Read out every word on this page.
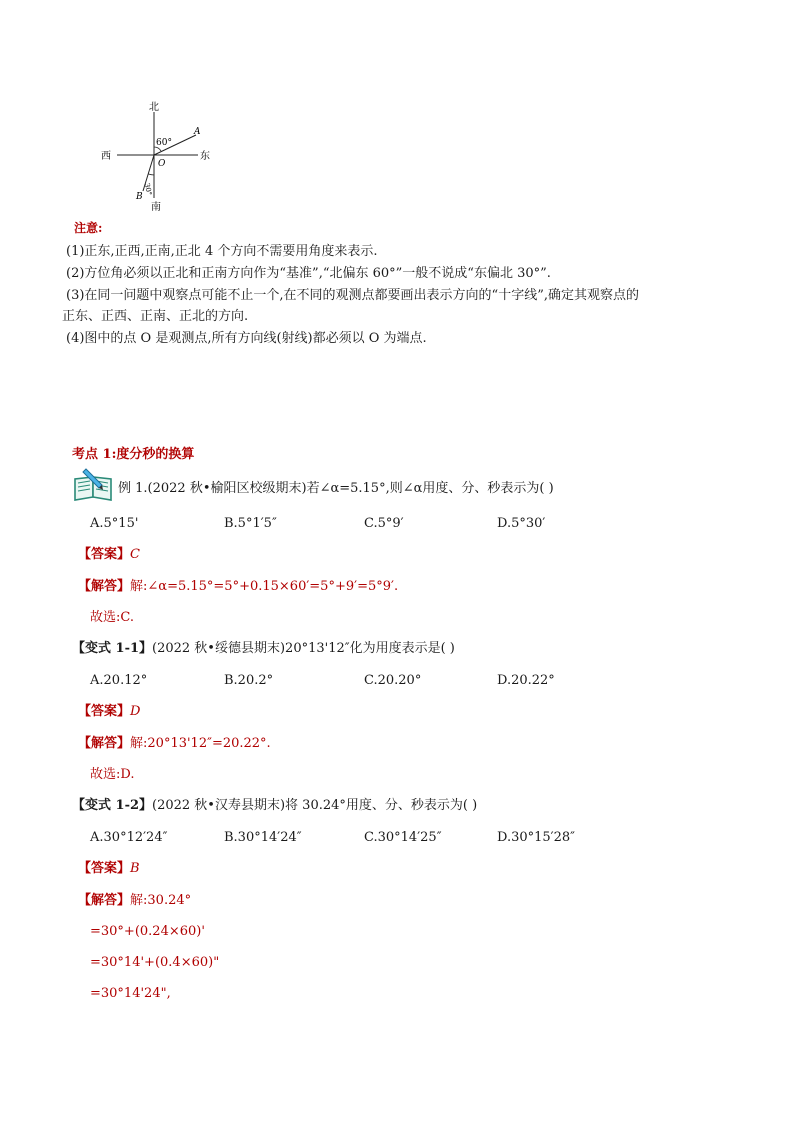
北
南
西	东
60°
30°
A
B
O
注意:
(1)正东,正西,正南,正北 4 个方向不需要用角度来表示.
(2)方位角必须以正北和正南方向作为“基准”,“北偏东 60°”一般不说成“东偏北 30°”.
(3)在同一问题中观察点可能不止一个,在不同的观测点都要画出表示方向的“十字线”,确定其观察点的
正东、正西、正南、正北的方向.
(4)图中的点 O 是观测点,所有方向线(射线)都必须以 O 为端点.
考点 1:度分秒的换算
例 1.(2022 秋•榆阳区校级期末)若∠α=5.15°,则∠α用度、分、秒表示为( )
A.5°15'	B.5°1′5″	C.5°9′	D.5°30′
【答案】C
【解答】解:∠α=5.15°=5°+0.15×60′=5°+9′=5°9′.
故选:C.
【变式 1-1】(2022 秋•绥德县期末)20°13'12″化为用度表示是( )
A.20.12°	B.20.2°	C.20.20°	D.20.22°
【答案】D
【解答】解:20°13'12″=20.22°.
故选:D.
【变式 1-2】(2022 秋•汉寿县期末)将 30.24°用度、分、秒表示为( )
A.30°12′24″	B.30°14′24″	C.30°14′25″	D.30°15′28″
【答案】B
【解答】解:30.24°
=30°+(0.24×60)'
=30°14'+(0.4×60)"
=30°14'24",
